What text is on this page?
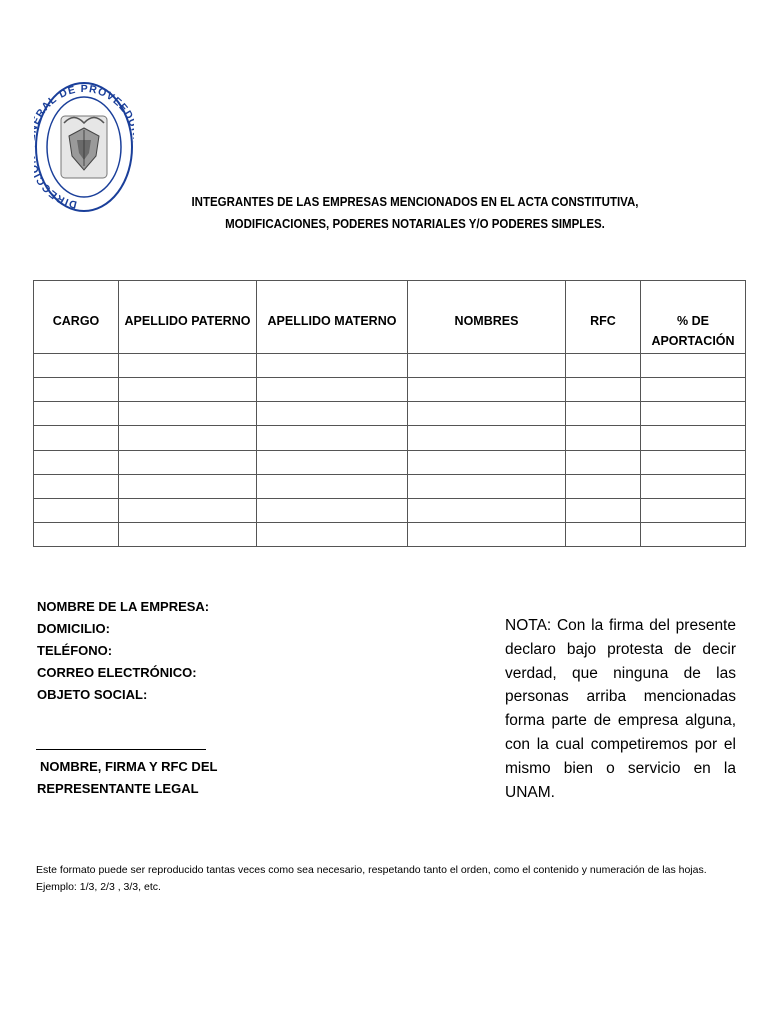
DIRECC RAL DE PROVEE
INTEGRANTES DE LAS EMPRESAS MENCIONADOS EN EL ACTA CONSTITUTIVA,
MODIFICACIONES, PODERES NOTARIALES Y/O PODERES SIMPLES.
CARGO	APELLIDO PATERNO	APELLIDO MATERNO	NOMBRES	RFC	% DE APORTACIÓN

NOMBRE DE LA EMPRESA:
DOMICILIO:
TELÉFONO:
CORREO ELECTRÓNICO:
OBJETO SOCIAL:
NOMBRE, FIRMA Y RFC DEL
REPRESENTANTE LEGAL
NOTA: Con la firma del presente declaro bajo protesta de decir verdad, que ninguna de las personas arriba mencionadas forma parte de empresa alguna, con la cual competiremos por el mismo bien o servicio en la UNAM.
Este formato puede ser reproducido tantas veces como sea necesario, respetando tanto el orden, como el contenido y numeración de las hojas.
Ejemplo: 1/3, 2/3 , 3/3, etc.
